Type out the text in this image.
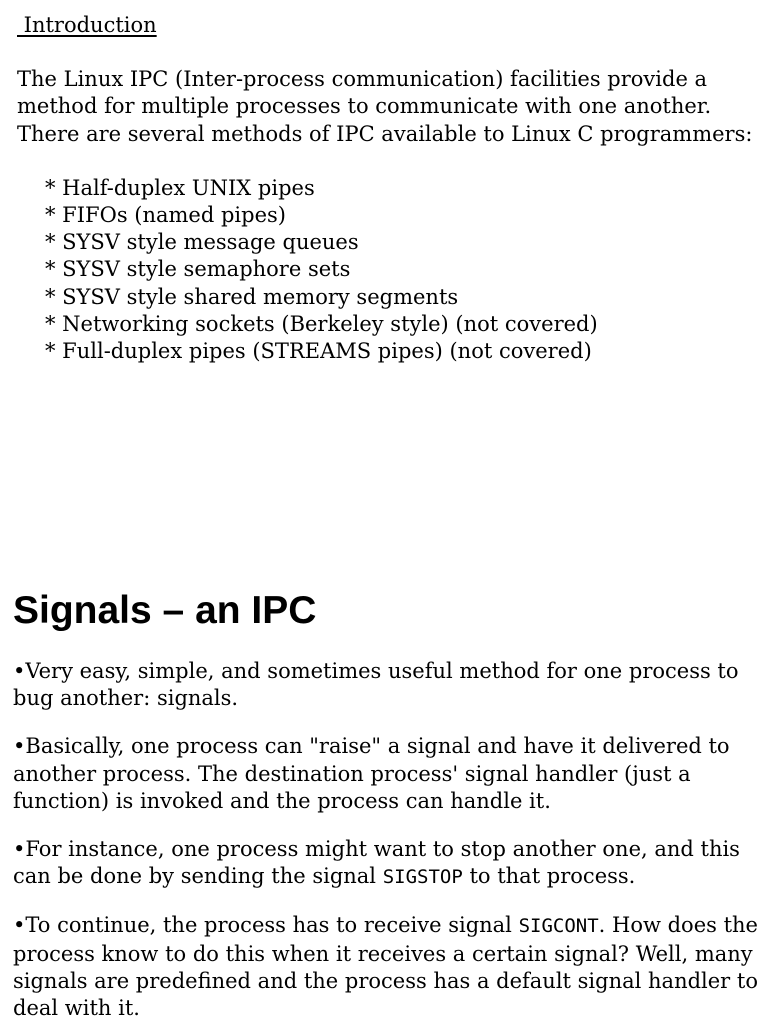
Introduction

The Linux IPC (Inter-process communication) facilities provide a method for multiple processes to communicate with one another. There are several methods of IPC available to Linux C programmers:

* Half-duplex UNIX pipes
* FIFOs (named pipes)
* SYSV style message queues
* SYSV style semaphore sets
* SYSV style shared memory segments
* Networking sockets (Berkeley style) (not covered)
* Full-duplex pipes (STREAMS pipes) (not covered)
Signals – an IPC

•Very easy, simple, and sometimes useful method for one process to bug another: signals.

•Basically, one process can "raise" a signal and have it delivered to another process. The destination process' signal handler (just a function) is invoked and the process can handle it.

•For instance, one process might want to stop another one, and this can be done by sending the signal SIGSTOP to that process.

•To continue, the process has to receive signal SIGCONT. How does the process know to do this when it receives a certain signal? Well, many signals are predefined and the process has a default signal handler to deal with it.
